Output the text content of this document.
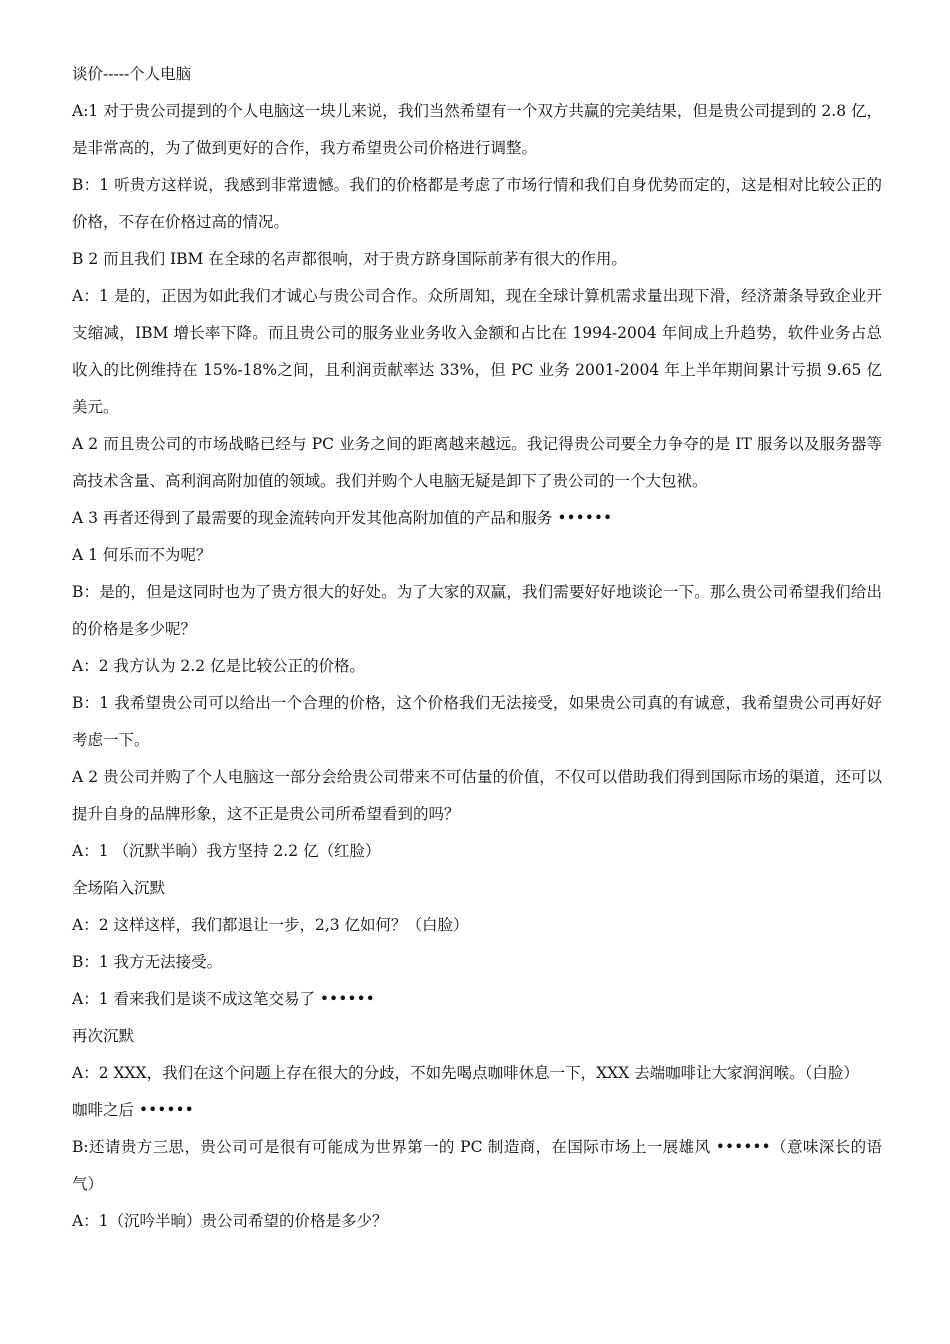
谈价-----个人电脑

A:1 对于贵公司提到的个人电脑这一块儿来说，我们当然希望有一个双方共赢的完美结果，但是贵公司提到的 2.8 亿，是非常高的，为了做到更好的合作，我方希望贵公司价格进行调整。

B：1 听贵方这样说，我感到非常遗憾。我们的价格都是考虑了市场行情和我们自身优势而定的，这是相对比较公正的价格，不存在价格过高的情况。

B 2 而且我们 IBM 在全球的名声都很响，对于贵方跻身国际前茅有很大的作用。

A：1 是的，正因为如此我们才诚心与贵公司合作。众所周知，现在全球计算机需求量出现下滑，经济萧条导致企业开支缩减，IBM 增长率下降。而且贵公司的服务业业务收入金额和占比在 1994-2004 年间成上升趋势，软件业务占总收入的比例维持在 15%-18%之间，且利润贡献率达 33%，但 PC 业务 2001-2004 年上半年期间累计亏损 9.65 亿美元。

A 2 而且贵公司的市场战略已经与 PC 业务之间的距离越来越远。我记得贵公司要全力争夺的是 IT 服务以及服务器等高技术含量、高利润高附加值的领域。我们并购个人电脑无疑是卸下了贵公司的一个大包袱。

A 3 再者还得到了最需要的现金流转向开发其他高附加值的产品和服务 ••••••

A 1 何乐而不为呢？

B：是的，但是这同时也为了贵方很大的好处。为了大家的双赢，我们需要好好地谈论一下。那么贵公司希望我们给出的价格是多少呢？

A：2 我方认为 2.2 亿是比较公正的价格。

B：1 我希望贵公司可以给出一个合理的价格，这个价格我们无法接受，如果贵公司真的有诚意，我希望贵公司再好好考虑一下。

A 2 贵公司并购了个人电脑这一部分会给贵公司带来不可估量的价值，不仅可以借助我们得到国际市场的渠道，还可以提升自身的品牌形象，这不正是贵公司所希望看到的吗？

A：1 （沉默半晌）我方坚持 2.2 亿（红脸）

全场陷入沉默

A：2 这样这样，我们都退让一步，2,3 亿如何？（白脸）

B：1 我方无法接受。

A：1 看来我们是谈不成这笔交易了 ••••••

再次沉默

A：2 XXX，我们在这个问题上存在很大的分歧，不如先喝点咖啡休息一下，XXX 去端咖啡让大家润润喉。（白脸）

咖啡之后 ••••••

B:还请贵方三思，贵公司可是很有可能成为世界第一的 PC 制造商，在国际市场上一展雄风 ••••••（意味深长的语气）

A：1（沉吟半晌）贵公司希望的价格是多少？
